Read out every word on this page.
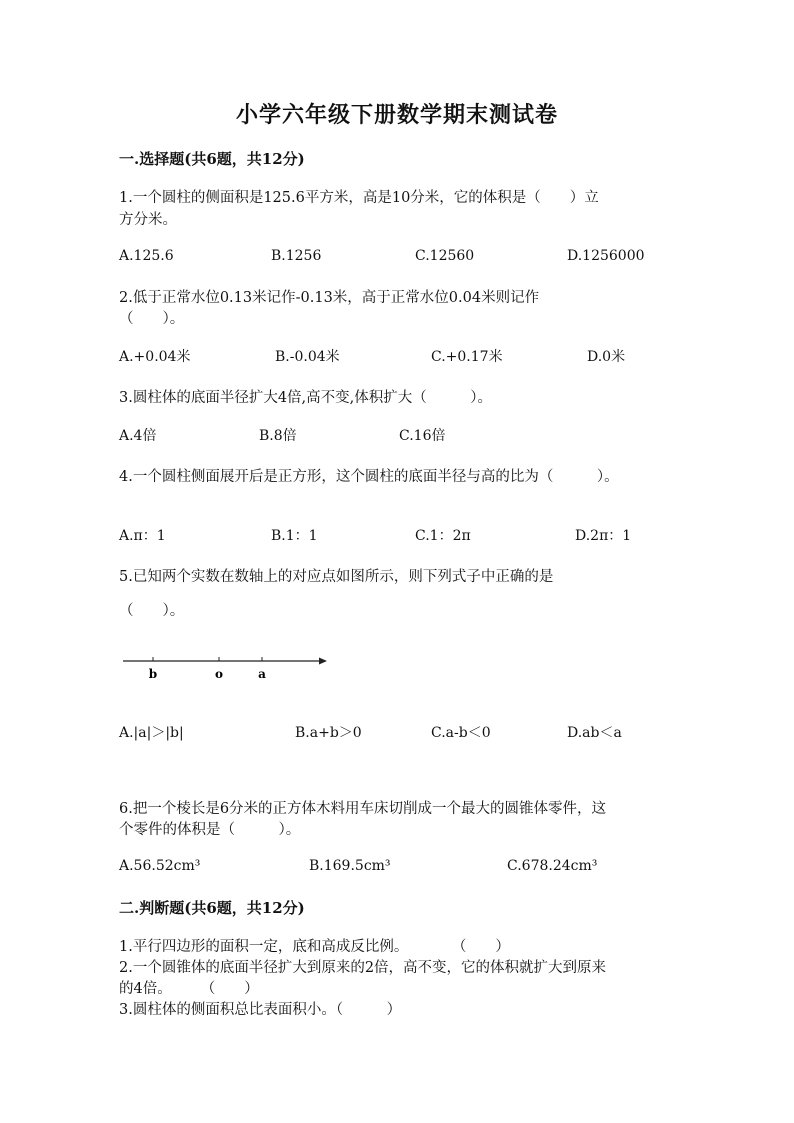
小学六年级下册数学期末测试卷
一.选择题(共6题，共12分)
1.一个圆柱的侧面积是125.6平方米，高是10分米，它的体积是（　　）立
方分米。
A.125.6	B.1256	C.12560	D.1256000
2.低于正常水位0.13米记作-0.13米，高于正常水位0.04米则记作
（　　）。
A.+0.04米	B.-0.04米	C.+0.17米	D.0米
3.圆柱体的底面半径扩大4倍,高不变,体积扩大（　　　）。
A.4倍	B.8倍	C.16倍
4.一个圆柱侧面展开后是正方形，这个圆柱的底面半径与高的比为（　　　）。
A.π：1	B.1：1	C.1：2π	D.2π：1
5.已知两个实数在数轴上的对应点如图所示，则下列式子中正确的是
（　　）。
b	o	a
A.|a|＞|b|	B.a+b＞0	C.a-b＜0	D.ab＜a
6.把一个棱长是6分米的正方体木料用车床切削成一个最大的圆锥体零件，这
个零件的体积是（　　　）。
A.56.52cm³	B.169.5cm³	C.678.24cm³
二.判断题(共6题，共12分)
1.平行四边形的面积一定，底和高成反比例。　　　　（　　）
2.一个圆锥体的底面半径扩大到原来的2倍，高不变，它的体积就扩大到原来
的4倍。　　　（　　）
3.圆柱体的侧面积总比表面积小。（　　　）
